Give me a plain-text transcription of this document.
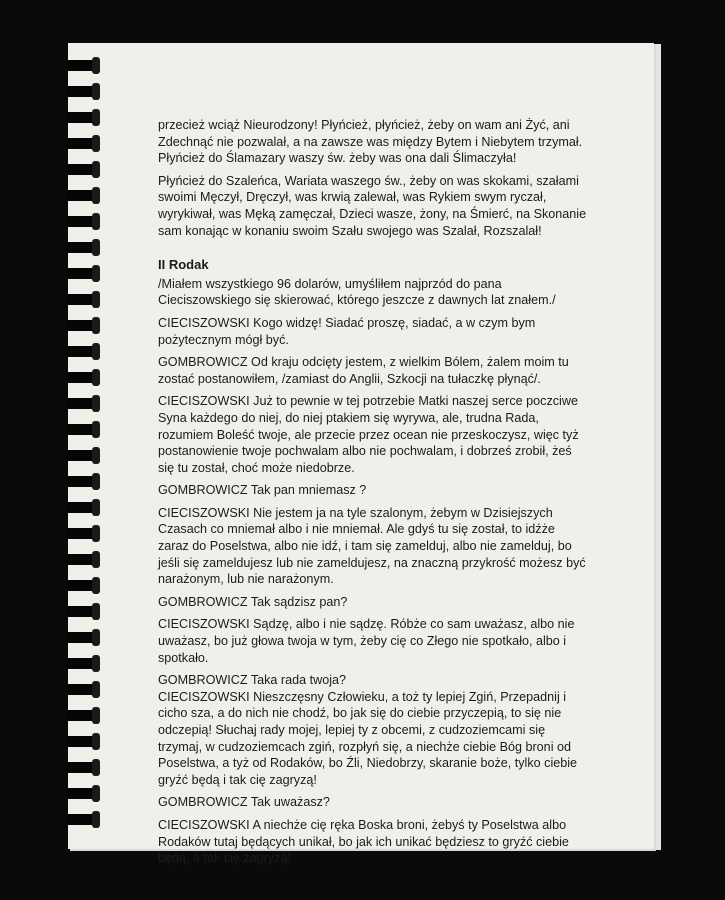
przecież wciąż Nieurodzony! Płyńcież, płyńcież, żeby on wam ani Żyć, ani Zdechnąć nie pozwalał, a na zawsze was między Bytem i Niebytem trzymał. Płyńcież do Ślamazary waszy św. żeby was ona dali Ślimaczyła!

Płyńcież do Szaleńca, Wariata waszego św., żeby on was skokami, szałami swoimi Męczył, Dręczył, was krwią zalewał, was Rykiem swym ryczał, wyrykiwał, was Męką zamęczał, Dzieci wasze, żony, na Śmierć, na Skonanie sam konając w konaniu swoim Szału swojego was Szalał, Rozszalał!

II Rodak

/Miałem wszystkiego 96 dolarów, umyśliłem najprzód do pana Cieciszowskiego się skierować, którego jeszcze z dawnych lat znałem./

CIECISZOWSKI Kogo widzę! Siadać proszę, siadać, a w czym bym pożytecznym mógł być.

GOMBROWICZ Od kraju odcięty jestem, z wielkim Bólem, żalem moim tu zostać postanowiłem, /zamiast do Anglii, Szkocji na tułaczkę płynąć/.

CIECISZOWSKI Już to pewnie w tej potrzebie Matki naszej serce poczciwe Syna każdego do niej, do niej ptakiem się wyrywa, ale, trudna Rada, rozumiem Boleść twoje, ale przecie przez ocean nie przeskoczysz, więc tyż postanowienie twoje pochwalam albo nie pochwalam, i dobrześ zrobił, żeś się tu został, choć może niedobrze.

GOMBROWICZ Tak pan mniemasz ?

CIECISZOWSKI Nie jestem ja na tyle szalonym, żebym w Dzisiejszych Czasach co mniemał albo i nie mniemał. Ale gdyś tu się został, to idźże zaraz do Poselstwa, albo nie idź, i tam się zamelduj, albo nie zamelduj, bo jeśli się zameldujesz lub nie zameldujesz, na znaczną przykrość możesz być narażonym, lub nie narażonym.

GOMBROWICZ Tak sądzisz pan?

CIECISZOWSKI Sądzę, albo i nie sądzę. Róbże co sam uważasz, albo nie uważasz, bo już głowa twoja w tym, żeby cię co Złego nie spotkało, albo i spotkało.

GOMBROWICZ Taka rada twoja?

CIECISZOWSKI Nieszczęsny Człowieku, a toż ty lepiej Zgiń, Przepadnij i cicho sza, a do nich nie chodź, bo jak się do ciebie przyczepią, to się nie odczepią! Słuchaj rady mojej, lepiej ty z obcemi, z cudzoziemcami się trzymaj, w cudzoziemcach zgiń, rozpłyń się, a niechże ciebie Bóg broni od Poselstwa, a tyż od Rodaków, bo Źli, Niedobrzy, skaranie boże, tylko ciebie gryźć będą i tak cię zagryzą!

GOMBROWICZ Tak uważasz?

CIECISZOWSKI A niechże cię ręka Boska broni, żebyś ty Poselstwa albo Rodaków tutaj będących unikał, bo jak ich unikać będziesz to gryźć ciebie będą, a tak cię zagryzą!
